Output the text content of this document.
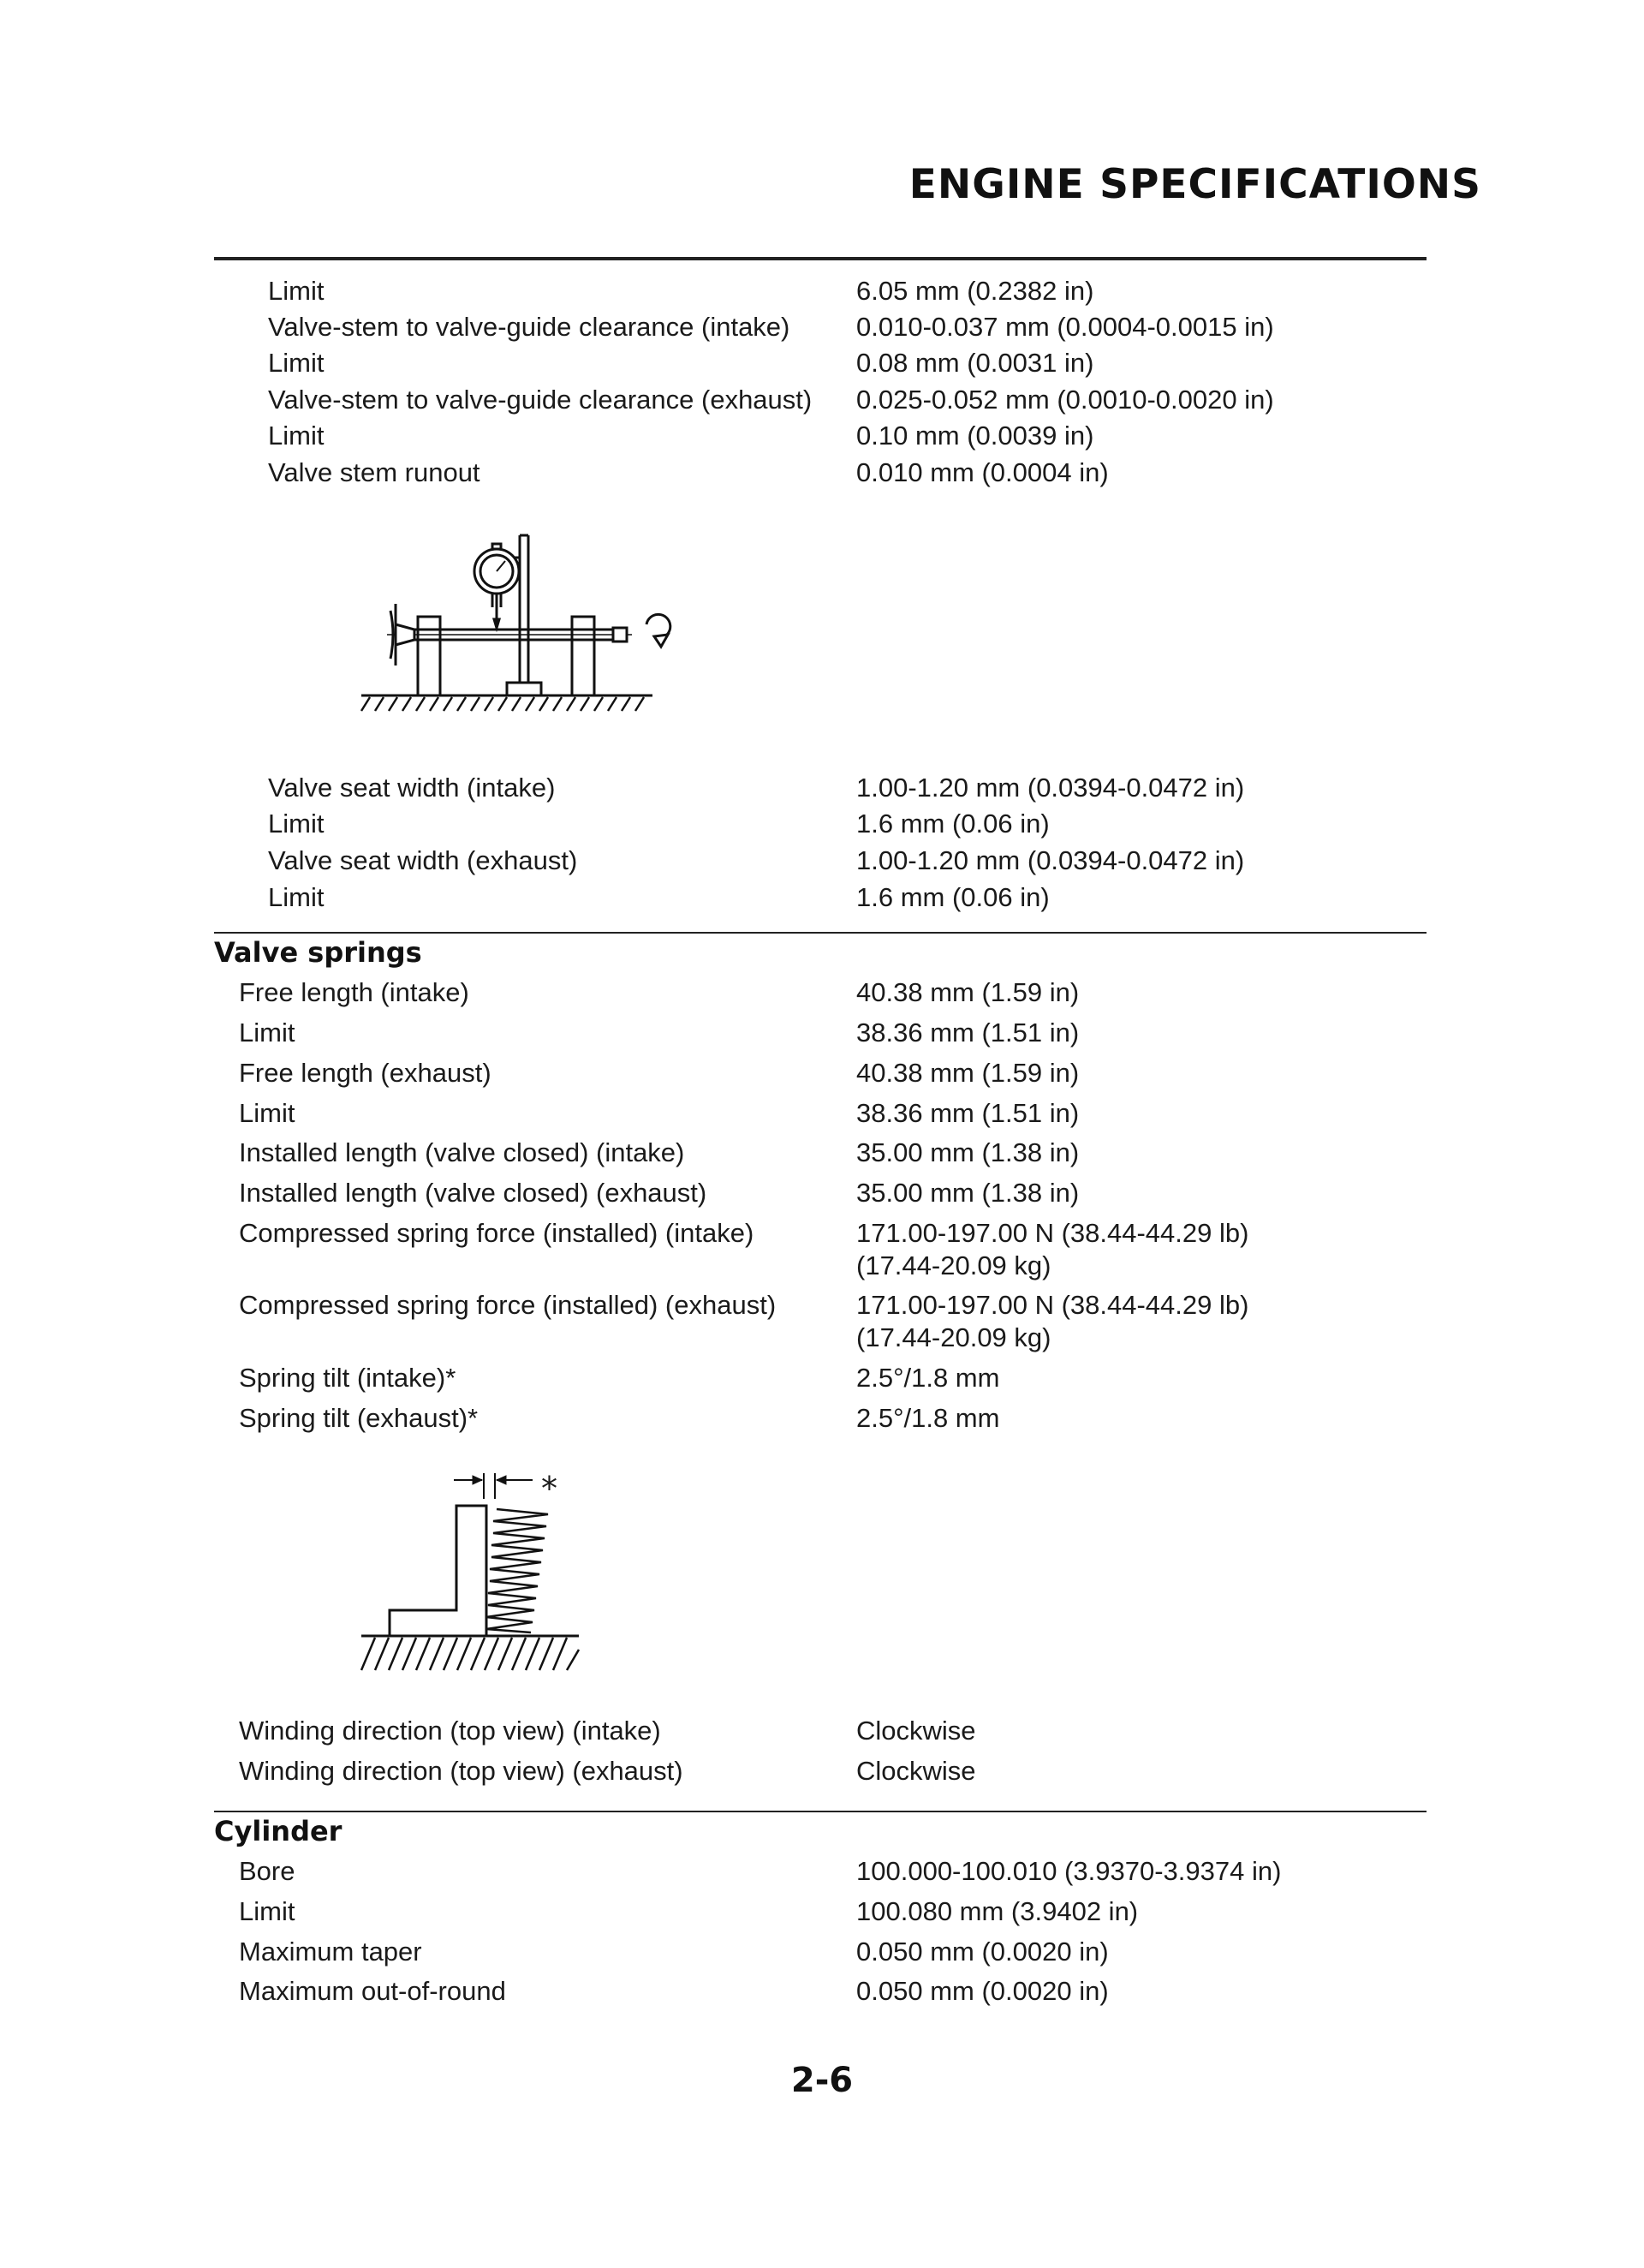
ENGINE SPECIFICATIONS
Limit	6.05 mm (0.2382 in)
Valve-stem to valve-guide clearance (intake)	0.010-0.037 mm (0.0004-0.0015 in)
Limit	0.08 mm (0.0031 in)
Valve-stem to valve-guide clearance (exhaust) 0.025-0.052 mm (0.0010-0.0020 in)
Limit	0.10 mm (0.0039 in)
Valve stem runout	0.010 mm (0.0004 in)
Valve seat width (intake)	1.00-1.20 mm (0.0394-0.0472 in)
Limit	1.6 mm (0.06 in)
Valve seat width (exhaust)	1.00-1.20 mm (0.0394-0.0472 in)
Limit	1.6 mm (0.06 in)
Valve springs
Free length (intake)	40.38 mm (1.59 in)
Limit	38.36 mm (1.51 in)
Free length (exhaust)	40.38 mm (1.59 in)
Limit	38.36 mm (1.51 in)
Installed length (valve closed) (intake)	35.00 mm (1.38 in)
Installed length (valve closed) (exhaust)	35.00 mm (1.38 in)
Compressed spring force (installed) (intake)	171.00-197.00 N (38.44-44.29 lb)
(17.44-20.09 kg)
Compressed spring force (installed) (exhaust)	171.00-197.00 N (38.44-44.29 lb)
(17.44-20.09 kg)
Spring tilt (intake)*	2.5°/1.8 mm
Spring tilt (exhaust)*	2.5°/1.8 mm
*
Winding direction (top view) (intake)	Clockwise
Winding direction (top view) (exhaust)	Clockwise
Cylinder
Bore	100.000-100.010 (3.9370-3.9374 in)
Limit	100.080 mm (3.9402 in)
Maximum taper	0.050 mm (0.0020 in)
Maximum out-of-round	0.050 mm (0.0020 in)
2-6
